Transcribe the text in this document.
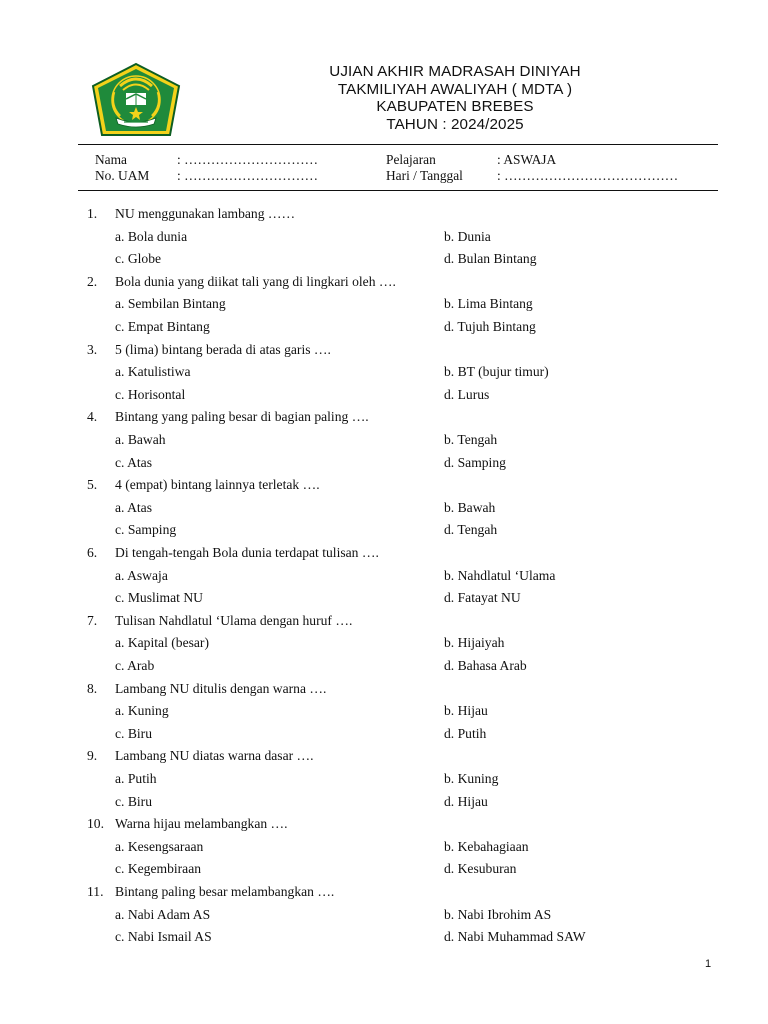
UJIAN AKHIR MADRASAH DINIYAH
TAKMILIYAH AWALIYAH ( MDTA )
KABUPATEN BREBES
TAHUN : 2024/2025
Nama	: …………………………	Pelajaran	: ASWAJA
No. UAM : …………………………	Hari / Tanggal	: …………………………………
1. NU menggunakan lambang ……
a. Bola dunia	b. Dunia
c. Globe	d. Bulan Bintang
2. Bola dunia yang diikat tali yang di lingkari oleh ….
a. Sembilan Bintang	b. Lima Bintang
c. Empat Bintang	d. Tujuh Bintang
3. 5 (lima) bintang berada di atas garis ….
a. Katulistiwa	b. BT (bujur timur)
c. Horisontal	d. Lurus
4. Bintang yang paling besar di bagian paling ….
a. Bawah	b. Tengah
c. Atas	d. Samping
5. 4 (empat) bintang lainnya terletak ….
a. Atas	b. Bawah
c. Samping	d. Tengah
6. Di tengah-tengah Bola dunia terdapat tulisan ….
a. Aswaja	b. Nahdlatul ‘Ulama
c. Muslimat NU	d. Fatayat NU
7. Tulisan Nahdlatul ‘Ulama dengan huruf ….
a. Kapital (besar)	b. Hijaiyah
c. Arab	d. Bahasa Arab
8. Lambang NU ditulis dengan warna ….
a. Kuning	b. Hijau
c. Biru	d. Putih
9. Lambang NU diatas warna dasar ….
a. Putih	b. Kuning
c. Biru	d. Hijau
10. Warna hijau melambangkan ….
a. Kesengsaraan	b. Kebahagiaan
c. Kegembiraan	d. Kesuburan
11. Bintang paling besar melambangkan ….
a. Nabi Adam AS	b. Nabi Ibrohim AS
c. Nabi Ismail AS	d. Nabi Muhammad SAW
1
